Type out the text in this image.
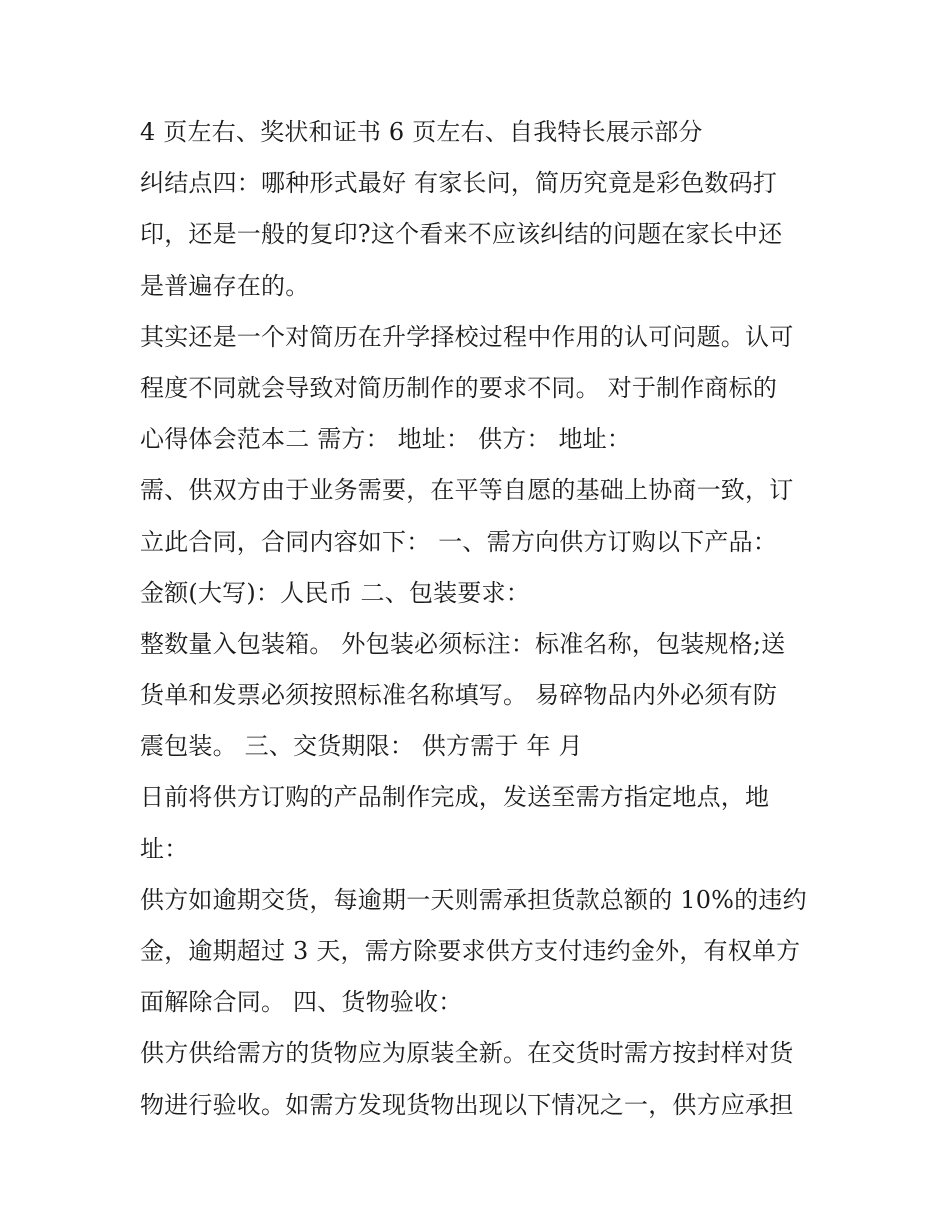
4 页左右、奖状和证书 6 页左右、自我特长展示部分
纠结点四：哪种形式最好 有家长问，简历究竟是彩色数码打
印，还是一般的复印?这个看来不应该纠结的问题在家长中还
是普遍存在的。
其实还是一个对简历在升学择校过程中作用的认可问题。认可
程度不同就会导致对简历制作的要求不同。 对于制作商标的
心得体会范本二 需方： 地址： 供方： 地址：
需、供双方由于业务需要，在平等自愿的基础上协商一致，订
立此合同，合同内容如下： 一、需方向供方订购以下产品：
金额(大写)：人民币 二、包装要求：
整数量入包装箱。 外包装必须标注：标准名称，包装规格;送
货单和发票必须按照标准名称填写。 易碎物品内外必须有防
震包装。 三、交货期限： 供方需于 年 月
日前将供方订购的产品制作完成，发送至需方指定地点，地
址：
供方如逾期交货，每逾期一天则需承担货款总额的 10%的违约
金，逾期超过 3 天，需方除要求供方支付违约金外，有权单方
面解除合同。 四、货物验收：
供方供给需方的货物应为原装全新。在交货时需方按封样对货
物进行验收。如需方发现货物出现以下情况之一，供方应承担
